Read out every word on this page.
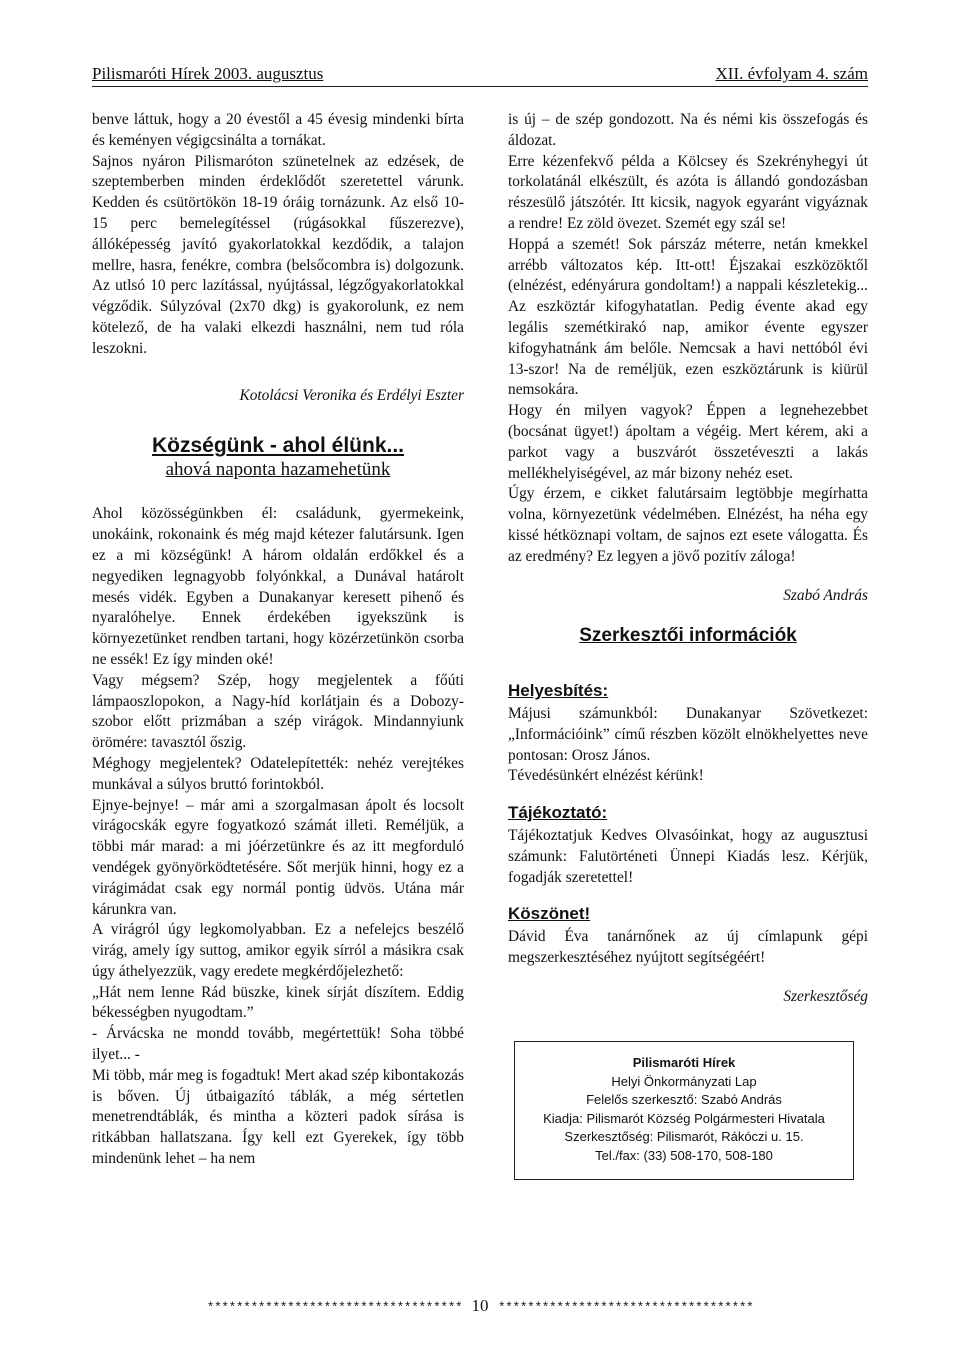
Pilismaróti Hírek 2003. augusztus	XII. évfolyam 4. szám

benve láttuk, hogy a 20 évestől a 45 évesig mindenki bírta és keményen végigcsinálta a tornákat.

Sajnos nyáron Pilismaróton szünetelnek az edzések, de szeptemberben minden érdeklődőt szeretettel várunk. Kedden és csütörtökön 18-19 óráig tornázunk. Az első 10-15 perc bemelegítéssel (rúgásokkal fűszerezve), állóképesség javító gyakorlatokkal kezdődik, a talajon mellre, hasra, fenékre, combra (belsőcombra is) dolgozunk. Az utlsó 10 perc lazítással, nyújtással, légzőgyakorlatokkal végződik. Súlyzóval (2x70 dkg) is gyakorolunk, ez nem kötelező, de ha valaki elkezdi használni, nem tud róla leszokni.

Kotolácsi Veronika és Erdélyi Eszter

Községünk - ahol élünk...
ahová naponta hazamehetünk

Ahol közösségünkben él: családunk, gyermekeink, unokáink, rokonaink és még majd kétezer falutársunk. Igen ez a mi községünk! A három oldalán erdőkkel és a negyediken legnagyobb folyónkkal, a Dunával határolt mesés vidék. Egyben a Dunakanyar keresett pihenő és nyaralóhelye. Ennek érdekében igyekszünk is környezetünket rendben tartani, hogy közérzetünkön csorba ne essék! Ez így minden oké!

Vagy mégsem? Szép, hogy megjelentek a főúti lámpaoszlopokon, a Nagy-híd korlátjain és a Dobozy-szobor előtt prizmában a szép virágok. Mindannyiunk örömére: tavasztól őszig.

Méghogy megjelentek? Odatelepítették: nehéz verejtékes munkával a súlyos bruttó forintokból.

Ejnye-bejnye! – már ami a szorgalmasan ápolt és locsolt virágocskák egyre fogyatkozó számát illeti. Reméljük, a többi már marad: a mi jóérzetünkre és az itt megforduló vendégek gyönyörködtetésére. Sőt merjük hinni, hogy ez a virágimádat csak egy normál pontig üdvös. Utána már kárunkra van.

A virágról úgy legkomolyabban. Ez a nefelejcs beszélő virág, amely így suttog, amikor egyik sírról a másikra csak úgy áthelyezzük, vagy eredete megkérdőjelezhető:

„Hát nem lenne Rád büszke, kinek sírját díszítem. Eddig békességben nyugodtam.”

- Árvácska ne mondd tovább, megértettük! Soha többé ilyet... -

Mi több, már meg is fogadtuk! Mert akad szép kibontakozás is bőven. Új útbaigazító táblák, a még sértetlen menetrendtáblák, és mintha a közteri padok sírása is ritkábban hallatszana. Így kell ezt Gyerekek, így több mindenünk lehet – ha nem

is új – de szép gondozott. Na és némi kis összefogás és áldozat.

Erre kézenfekvő példa a Kölcsey és Szekrényhegyi út torkolatánál elkészült, és azóta is állandó gondozásban részesülő játszótér. Itt kicsik, nagyok egyaránt vigyáznak a rendre! Ez zöld övezet. Szemét egy szál se!

Hoppá a szemét! Sok párszáz méterre, netán kmekkel arrébb változatos kép. Itt-ott! Éjszakai eszközöktől (elnézést, edényárura gondoltam!) a nappali készletekig... Az eszköztár kifogyhatatlan. Pedig évente akad egy legális szemétkirakó nap, amikor évente egyszer kifogyhatnánk ám belőle. Nemcsak a havi nettóból évi 13-szor! Na de reméljük, ezen eszköztárunk is kiürül nemsokára.

Hogy én milyen vagyok? Éppen a legnehezebbet (bocsánat ügyet!) ápoltam a végéig. Mert kérem, aki a parkot vagy a buszvárót összetéveszti a lakás mellékhelyiségével, az már bizony nehéz eset.

Úgy érzem, e cikket falutársaim legtöbbje megírhatta volna, környezetünk védelmében. Elnézést, ha néha egy kissé hétköznapi voltam, de sajnos ezt esete válogatta. És az eredmény? Ez legyen a jövő pozitív záloga!

Szabó András

Szerkesztői információk
Helyesbítés:

Májusi számunkból: Dunakanyar Szövetkezet: „Információink” című részben közölt elnökhelyettes neve pontosan: Orosz János.

Tévedésünkért elnézést kérünk!

Tájékoztató:

Tájékoztatjuk Kedves Olvasóinkat, hogy az augusztusi számunk: Falutörténeti Ünnepi Kiadás lesz. Kérjük, fogadják szeretettel!

Köszönet!

Dávid Éva tanárnőnek az új címlapunk gépi megszerkesztéséhez nyújtott segítségéért!

Szerkesztőség

Pilismaróti Hírek
Helyi Önkormányzati Lap
Felelős szerkesztő: Szabó András
Kiadja: Pilismarót Község Polgármesteri Hivatala
Szerkesztőség: Pilismarót, Rákóczi u. 15.
Tel./fax: (33) 508-170, 508-180
*********************************** 10 ***********************************
